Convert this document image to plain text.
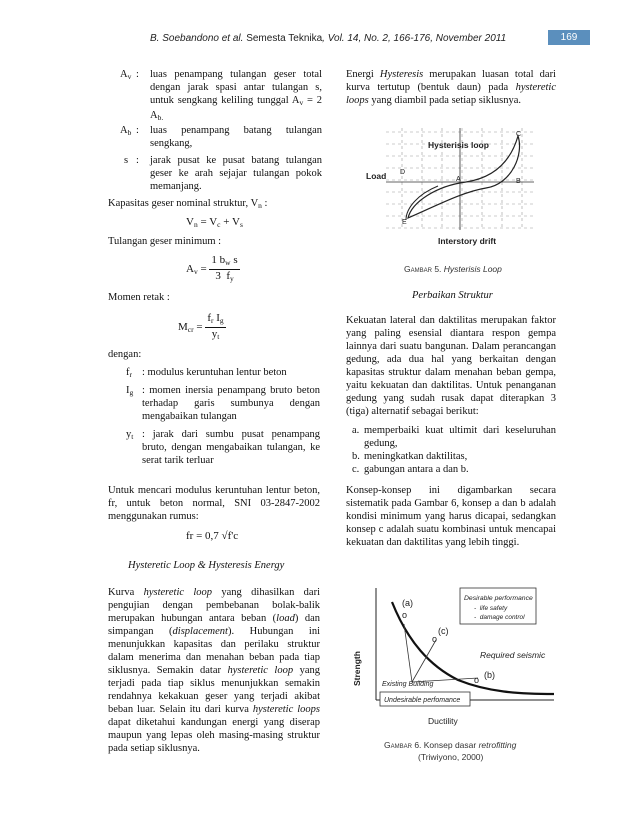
B. Soebandono et al. Semesta Teknika, Vol. 14, No. 2, 166-176, November 2011	169
$A_v$ : luas penampang tulangan geser total dengan jarak spasi antar tulangan s, untuk sengkang keliling tunggal $A_v = 2$ $A_{b.}$
$A_b$ : luas penampang batang tulangan sengkang,
s : jarak pusat ke pusat batang tulangan geser ke arah sejajar tulangan pokok memanjang.
Kapasitas geser nominal struktur, $V_n$ :
$V_n = V_c + V_s$
Tulangan geser minimum :
$A_v = \frac{1 b_w s}{3 f_y}$
Momen retak :
$M_{cr} = \frac{f_r I_g}{y_t}$
dengan:
$f_r$ : modulus keruntuhan lentur beton
$I_g$ : momen inersia penampang bruto beton terhadap garis sumbunya dengan mengabaikan tulangan
$y_t$ : jarak dari sumbu pusat penampang bruto, dengan mengabaikan tulangan, ke serat tarik terluar
Untuk mencari modulus keruntuhan lentur beton, fr, untuk beton normal, SNI 03-2847-2002 menggunakan rumus:
fr = 0,7 √f'c
Hysteretic Loop & Hysteresis Energy
Kurva hysteretic loop yang dihasilkan dari pengujian dengan pembebanan bolak-balik merupakan hubungan antara beban (load) dan simpangan (displacement). Hubungan ini menunjukkan kapasitas dan perilaku struktur dalam menerima dan menahan beban pada tiap siklusnya. Semakin datar hysteretic loop yang terjadi pada tiap siklus menunjukkan semakin rendahnya kekakuan geser yang terjadi akibat beban luar. Selain itu dari kurva hysteretic loops dapat diketahui kandungan energi yang diserap maupun yang lepas oleh masing-masing struktur pada setiap siklusnya.
Energi Hysteresis merupakan luasan total dari kurva tertutup (bentuk daun) pada hysteretic loops yang diambil pada setiap siklusnya.
Hysterisis loop
C
D
A	B
E
Load
Interstory drift
Gambar 5. Hysterisis Loop
Perbaikan Struktur
Kekuatan lateral dan daktilitas merupakan faktor yang paling esensial diantara respon gempa lainnya dari suatu bangunan. Dalam perancangan gedung, ada dua hal yang berkaitan dengan kapasitas struktur dalam menahan beban gempa, yaitu kekuatan dan daktilitas. Untuk penanganan gedung yang sudah rusak dapat diterapkan 3 (tiga) alternatif sebagai berikut:
a. memperbaiki kuat ultimit dari keseluruhan gedung,
b. meningkatkan daktilitas,
c. gabungan antara a dan b.
Konsep-konsep ini digambarkan secara sistematik pada Gambar 6, konsep a dan b adalah kondisi minimum yang harus dicapai, sedangkan konsep c adalah suatu kombinasi untuk mencapai kekuatan dan daktilitas yang lebih tinggi.
Desirable performance
-  life safety
-  damage control
(a)
o
(c)
o
Required seismic
(b)
o
Existing Building
Undesirable perfomance
Ductility
Strength
Gambar 6. Konsep dasar retrofitting
(Triwiyono, 2000)
